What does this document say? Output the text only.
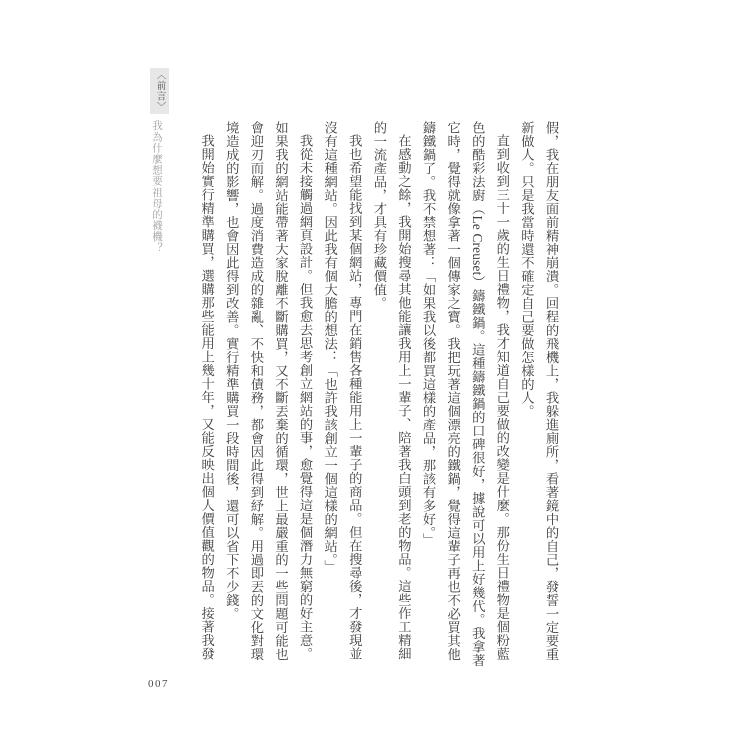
〈前言〉
我為什麼想要祖母的襪機？	假，我在朋友面前精神崩潰。回程的飛機上，我躲進廁所，看著鏡中的自己，發誓一定要重新做人。只是我當時還不確定自己要做怎樣的人。

直到收到三十一歲的生日禮物，我才知道自己要做的改變是什麼。那份生日禮物是個粉藍色的酷彩法廚（Le Creuset）鑄鐵鍋。這種鑄鐵鍋的口碑很好，據說可以用上好幾代。我拿著它時，覺得就像拿著一個傳家之寶。我把玩著這個漂亮的鐵鍋，覺得這輩子再也不必買其他鑄鐵鍋了。我不禁想著：「如果我以後都買這樣的產品，那該有多好。」

在感動之餘，我開始搜尋其他能讓我用上一輩子、陪著我白頭到老的物品。這些作工精細的一流產品，才具有珍藏價值。

我也希望能找到某個網站，專門在銷售各種能用上一輩子的商品。但在搜尋後，才發現並沒有這種網站。因此我有個大膽的想法：「也許我該創立一個這樣的網站。」

我從未接觸過網頁設計。但我愈去思考創立網站的事，愈覺得這是個潛力無窮的好主意。如果我的網站能帶著大家脫離不斷購買，又不斷丟棄的循環，世上最嚴重的一些問題可能也會迎刃而解。過度消費造成的雜亂、不快和債務，都會因此得到紓解。用過即丟的文化對環境造成的影響，也會因此得到改善。實行精準購買一段時間後，還可以省下不少錢。

我開始實行精準購買，選購那些能用上幾十年，又能反映出個人價值觀的物品。接著我發

007
